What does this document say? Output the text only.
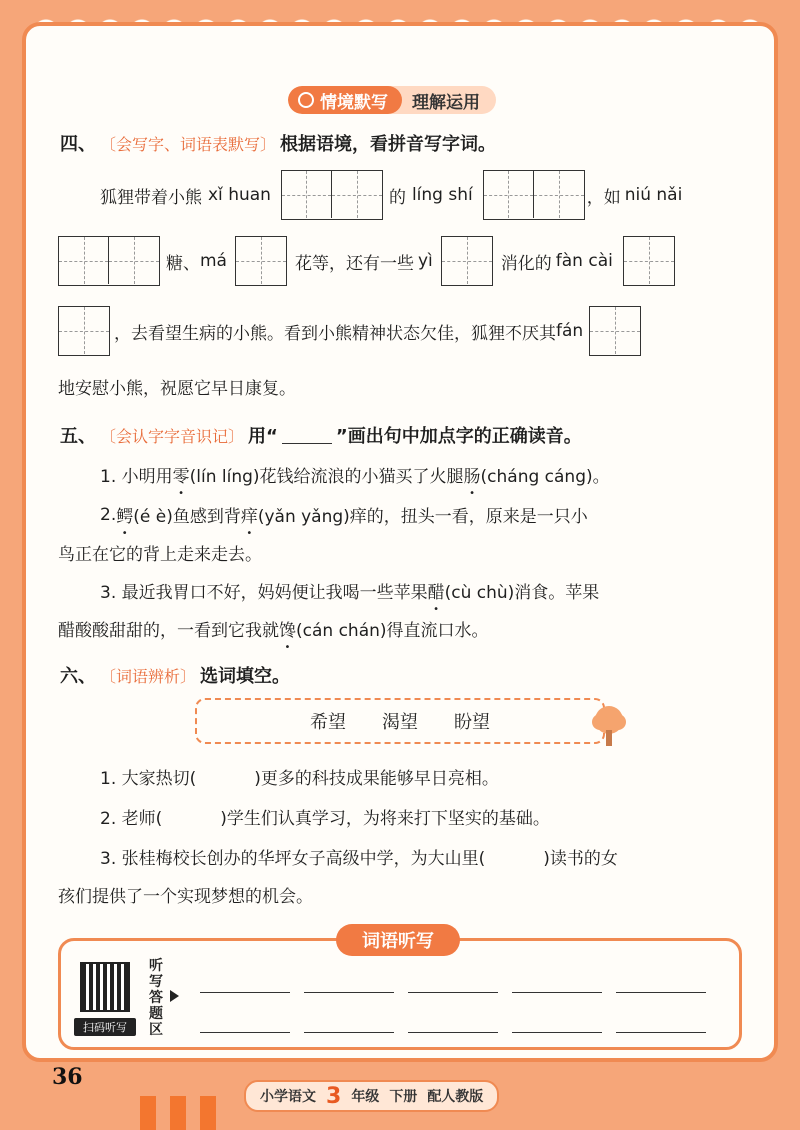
情境默写	理解运用
四、 〔会写字、词语表默写〕 根据语境，看拼音写字词。
狐狸带着小熊 xǐ huan	的 líng shí	，如 niú nǎi
糖、 má	花等，还有一些 yì	消化的 fàn cài
，去看望生病的小熊。看到小熊精神状态欠佳，狐狸不厌其 fán
地安慰小熊，祝愿它早日康复。
五、 〔会认字字音识记〕 用“	”画出句中加点字的正确读音。
1. 小明用 零 • (lín líng)花钱给流浪的小猫买了火腿 肠 • (cháng cáng)。
2. 鳄 • (é è)鱼感到背 痒 • (yǎn yǎng)痒的，扭头一看，原来是一只小
鸟正在它的背上走来走去。
3. 最近我胃口不好，妈妈便让我喝一些苹果 醋 • (cù chù)消食。苹果
醋酸酸甜甜的，一看到它我就 馋 • (cán chán)得直流口水。
六、 〔词语辨析〕 选词填空。
希望 渴望 盼望
1. 大家热切(	)更多的科技成果能够早日亮相。
2. 老师(	)学生们认真学习，为将来打下坚实的基础。
3. 张桂梅校长创办的华坪女子高级中学，为大山里(	)读书的女
孩们提供了一个实现梦想的机会。
词语听写
扫码听写
听写答题区
36
小学语文 3 年级 下册 配人教版
